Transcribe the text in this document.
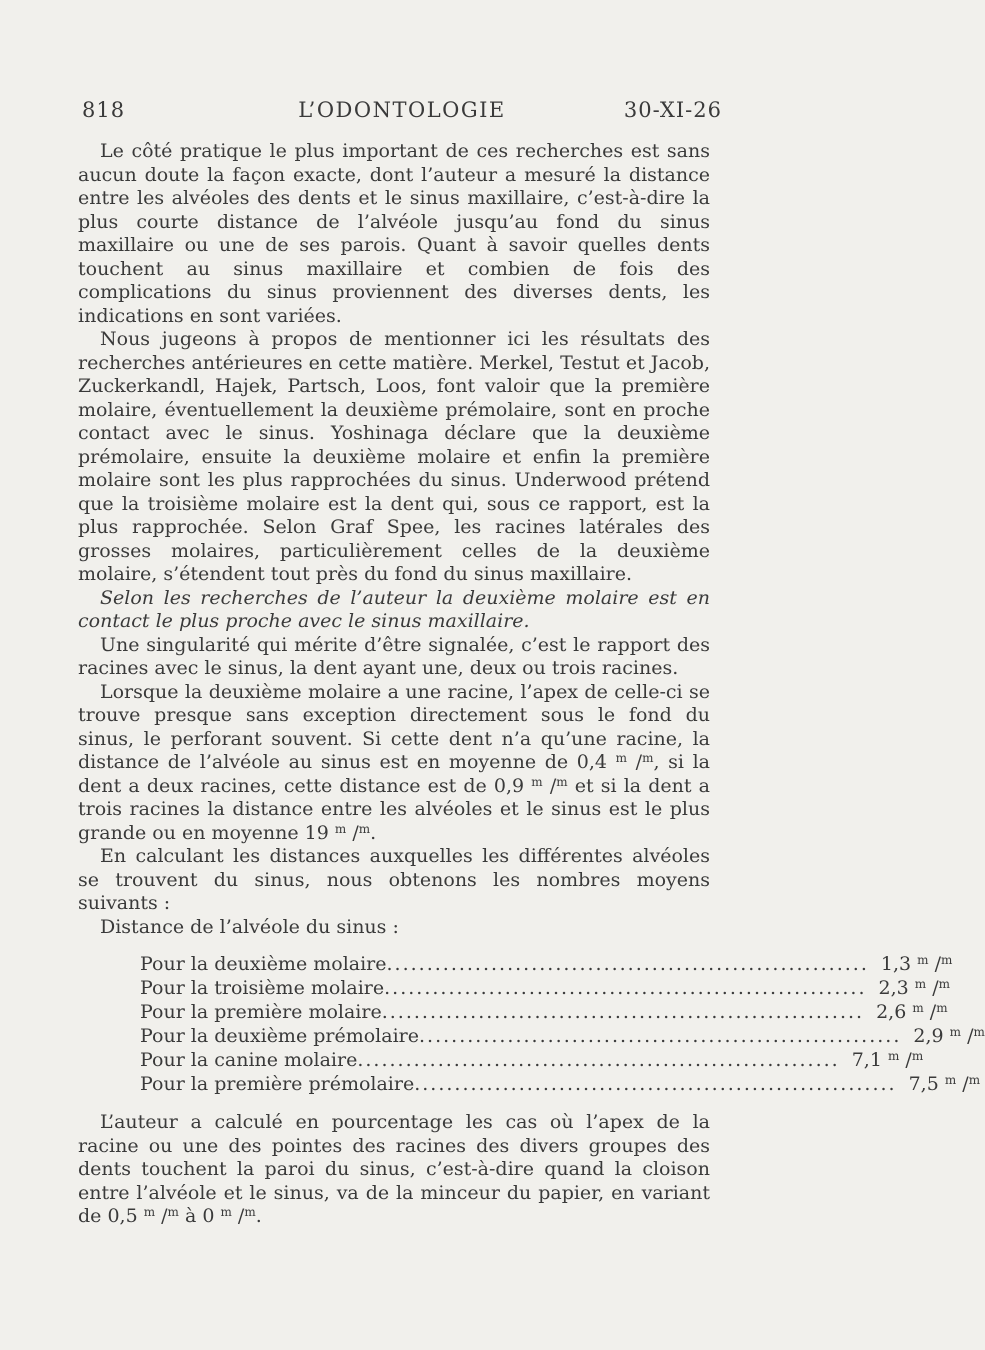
818	L’ODONTOLOGIE	30-XI-26

Le côté pratique le plus important de ces recherches est sans aucun doute la façon exacte, dont l’auteur a mesuré la distance entre les alvéoles des dents et le sinus maxillaire, c’est-à-dire la plus courte distance de l’alvéole jusqu’au fond du sinus maxillaire ou une de ses parois. Quant à savoir quelles dents touchent au sinus maxillaire et combien de fois des complications du sinus proviennent des diverses dents, les indications en sont variées.

Nous jugeons à propos de mentionner ici les résultats des recherches antérieures en cette matière. Merkel, Testut et Jacob, Zuckerkandl, Hajek, Partsch, Loos, font valoir que la première molaire, éventuellement la deuxième prémolaire, sont en proche contact avec le sinus. Yoshinaga déclare que la deuxième prémolaire, ensuite la deuxième molaire et enfin la première molaire sont les plus rapprochées du sinus. Underwood prétend que la troisième molaire est la dent qui, sous ce rapport, est la plus rapprochée. Selon Graf Spee, les racines latérales des grosses molaires, particulièrement celles de la deuxième molaire, s’étendent tout près du fond du sinus maxillaire.

Selon les recherches de l’auteur la deuxième molaire est en contact le plus proche avec le sinus maxillaire.

Une singularité qui mérite d’être signalée, c’est le rapport des racines avec le sinus, la dent ayant une, deux ou trois racines.

Lorsque la deuxième molaire a une racine, l’apex de celle-ci se trouve presque sans exception directement sous le fond du sinus, le perforant souvent. Si cette dent n’a qu’une racine, la distance de l’alvéole au sinus est en moyenne de 0,4 $^m$ /$^m$, si la dent a deux racines, cette distance est de 0,9 $^m$ /$^m$ et si la dent a trois racines la distance entre les alvéoles et le sinus est le plus grande ou en moyenne 19 $^m$ /$^m$.

En calculant les distances auxquelles les différentes alvéoles se trouvent du sinus, nous obtenons les nombres moyens suivants :

Distance de l’alvéole du sinus :

Pour la deuxième molaire ............................................................ 1,3 $^m$ /$^m$
Pour la troisième molaire ............................................................ 2,3 $^m$ /$^m$
Pour la première molaire ............................................................ 2,6 $^m$ /$^m$
Pour la deuxième prémolaire ............................................................ 2,9 $^m$ /$^m$
Pour la canine molaire ............................................................ 7,1 $^m$ /$^m$
Pour la première prémolaire ............................................................ 7,5 $^m$ /$^m$

L’auteur a calculé en pourcentage les cas où l’apex de la racine ou une des pointes des racines des divers groupes des dents touchent la paroi du sinus, c’est-à-dire quand la cloison entre l’alvéole et le sinus, va de la minceur du papier, en variant de 0,5 $^m$ /$^m$ à 0 $^m$ /$^m$.
